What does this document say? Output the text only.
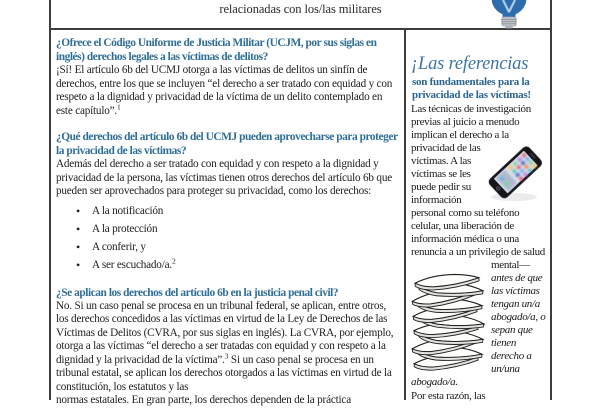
relacionadas con los/las militares

¿Ofrece el Código Uniforme de Justicia Militar (UCJM, por sus siglas en inglés) derechos legales a las víctimas de delitos?

¡Sí! El artículo 6b del UCMJ otorga a las víctimas de delitos un sinfín de derechos, entre los que se incluyen “el derecho a ser tratado con equidad y con respeto a la dignidad y privacidad de la víctima de un delito contemplado en este capítulo”.$^1$

¿Qué derechos del artículo 6b del UCMJ pueden aprovecharse para proteger la privacidad de las víctimas?

Además del derecho a ser tratado con equidad y con respeto a la dignidad y privacidad de la persona, las víctimas tienen otros derechos del artículo 6b que pueden ser aprovechados para proteger su privacidad, como los derechos:

• A la notificación
• A la protección
• A conferir, y
• A ser escuchado/a.$^2$

¿Se aplican los derechos del artículo 6b en la justicia penal civil?

No. Si un caso penal se procesa en un tribunal federal, se aplican, entre otros, los derechos concedidos a las víctimas en virtud de la Ley de Derechos de las Víctimas de Delitos (CVRA, por sus siglas en inglés). La CVRA, por ejemplo, otorga a las víctimas “el derecho a ser tratadas con equidad y con respeto a la dignidad y la privacidad de la víctima”.$^3$ Si un caso penal se procesa en un tribunal estatal, se aplican los derechos otorgados a las víctimas en virtud de la constitución, los estatutos y las

normas estatales. En gran parte, los derechos dependen de la práctica
¡Las referencias
son fundamentales para la privacidad de las víctimas!
Las técnicas de investigación previas al juicio a menudo implican el derecho a la
privacidad de las víctimas. A las víctimas se les puede pedir su información personal como su teléfono celular, una liberación de información médica o una renuncia a un privilegio de salud mental—
antes de que las víctimas tengan un/a abogado/a, o sepan que tienen derecho a un/una abogado/a.
Por esta razón, las
